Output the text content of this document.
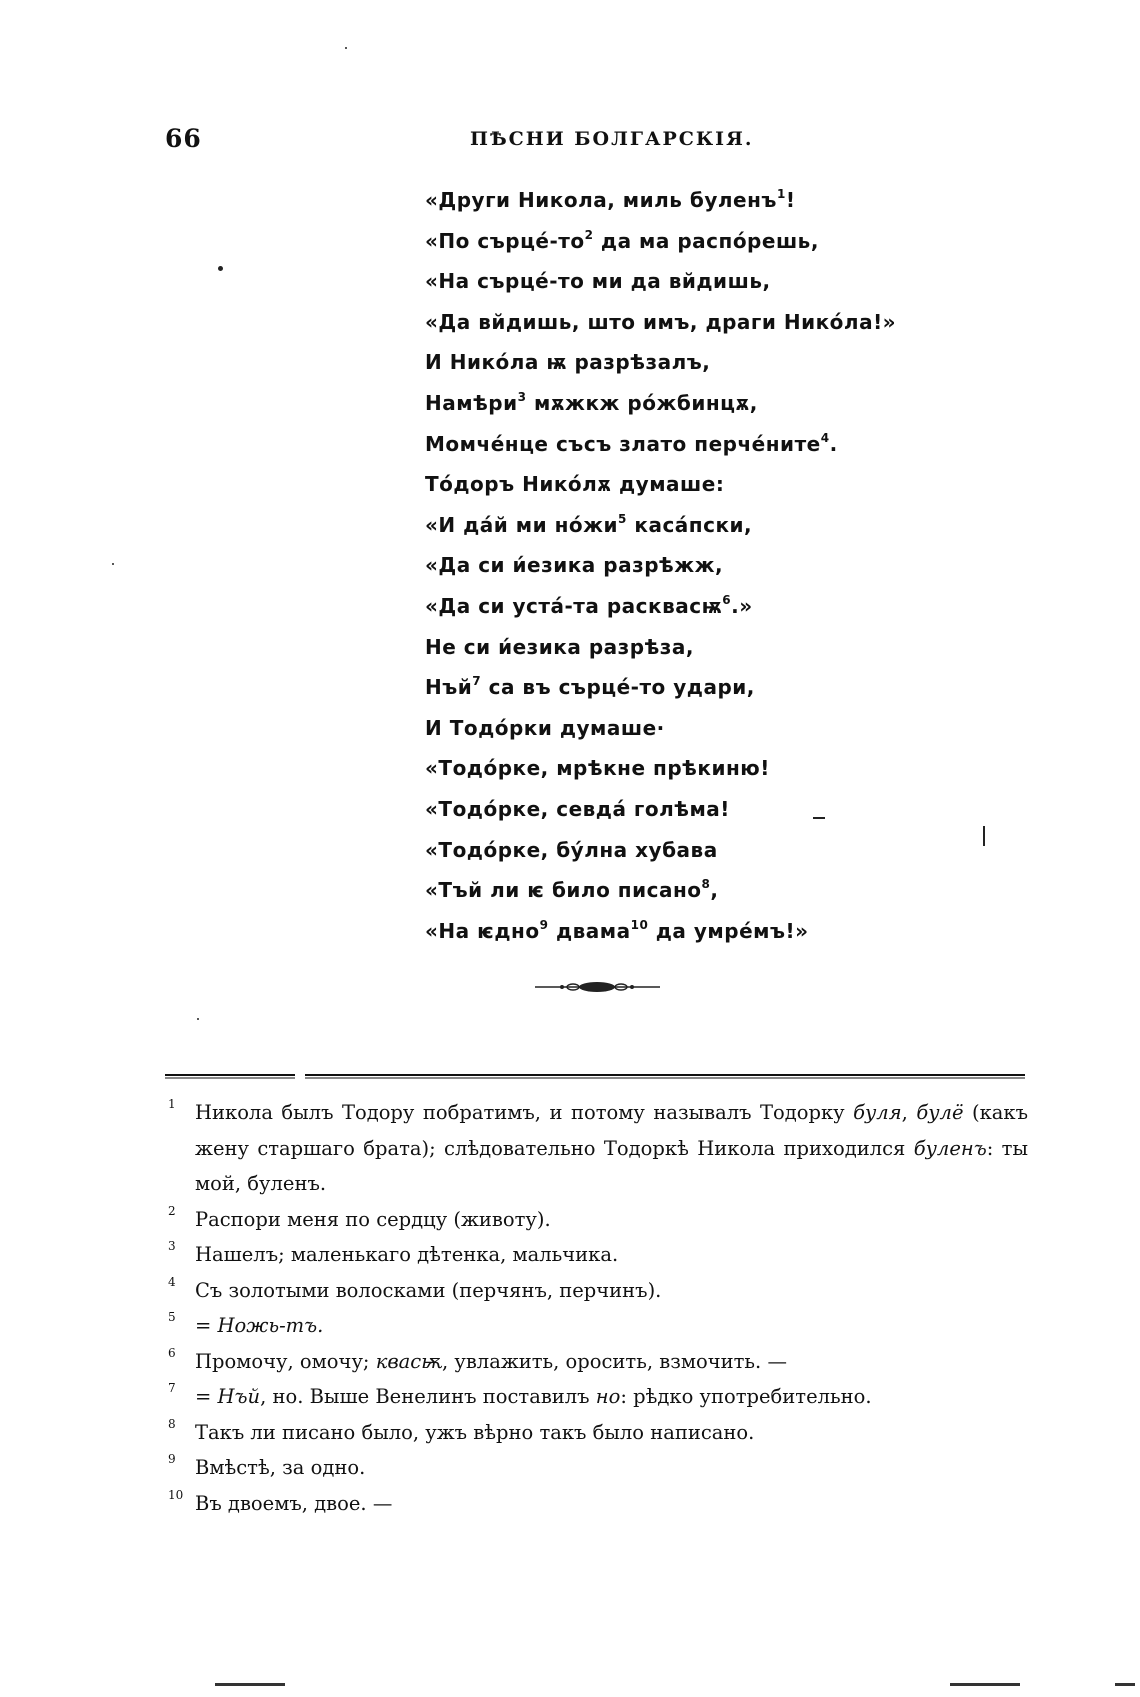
66	ПѢСНИ БОЛГАРСКІЯ.
«Други Никола, миль буленъ$^1$!
«По сърцé-$то^2$ да ма распóрешь,
«На сърцé-то ми да вйдишь,
«Да вйдишь, што имъ, драги Никóла!»
И Никóла ѭ разрѣзалъ,
Намѣри$^3$ мѫжкж рóжбинцѫ,
Момчéнце съсъ злато перчéните$^4$.
Тóдоръ Никóлѫ думаше:
«И дáй ми нóжи$^5$ касáпски,
«Да си и́езика разрѣжж,
«Да си устá-та расквасѭ$^6$.»
Не си и́езика разрѣза,
Нъй$^7$ са въ сърцé-то удари,
И Тодóрки думаше·
«Тодóрке, мрѣкне прѣкиню!
«Тодóрке, севдá голѣма!
«Тодóрке, бýлна хубава
«Тъй ли ѥ било писано$^8$,
«На ѥдно$^9$ двама$^{10}$ да умрéмъ!»
1 Никола былъ Тодору побратимъ, и потому называлъ Тодорку буля, булё (какъ жену старшаго брата); слѣдовательно Тодоркѣ Никола приходился буленъ: ты мой, буленъ.
2 Распори меня по сердцу (животу).
3 Нашелъ; маленькаго дѣтенка, мальчика.
4 Съ золотыми волосками (перчянъ, перчинъ).
5 = Ножь-тъ.
6 Промочу, омочу; квасѭ, увлажить, оросить, взмочить. —
7 = Нъй, но. Выше Венелинъ поставилъ но: рѣдко употребительно.
8 Такъ ли писано было, ужъ вѣрно такъ было написано.
9 Вмѣстѣ, за одно.
10 Въ двоемъ, двое. —
